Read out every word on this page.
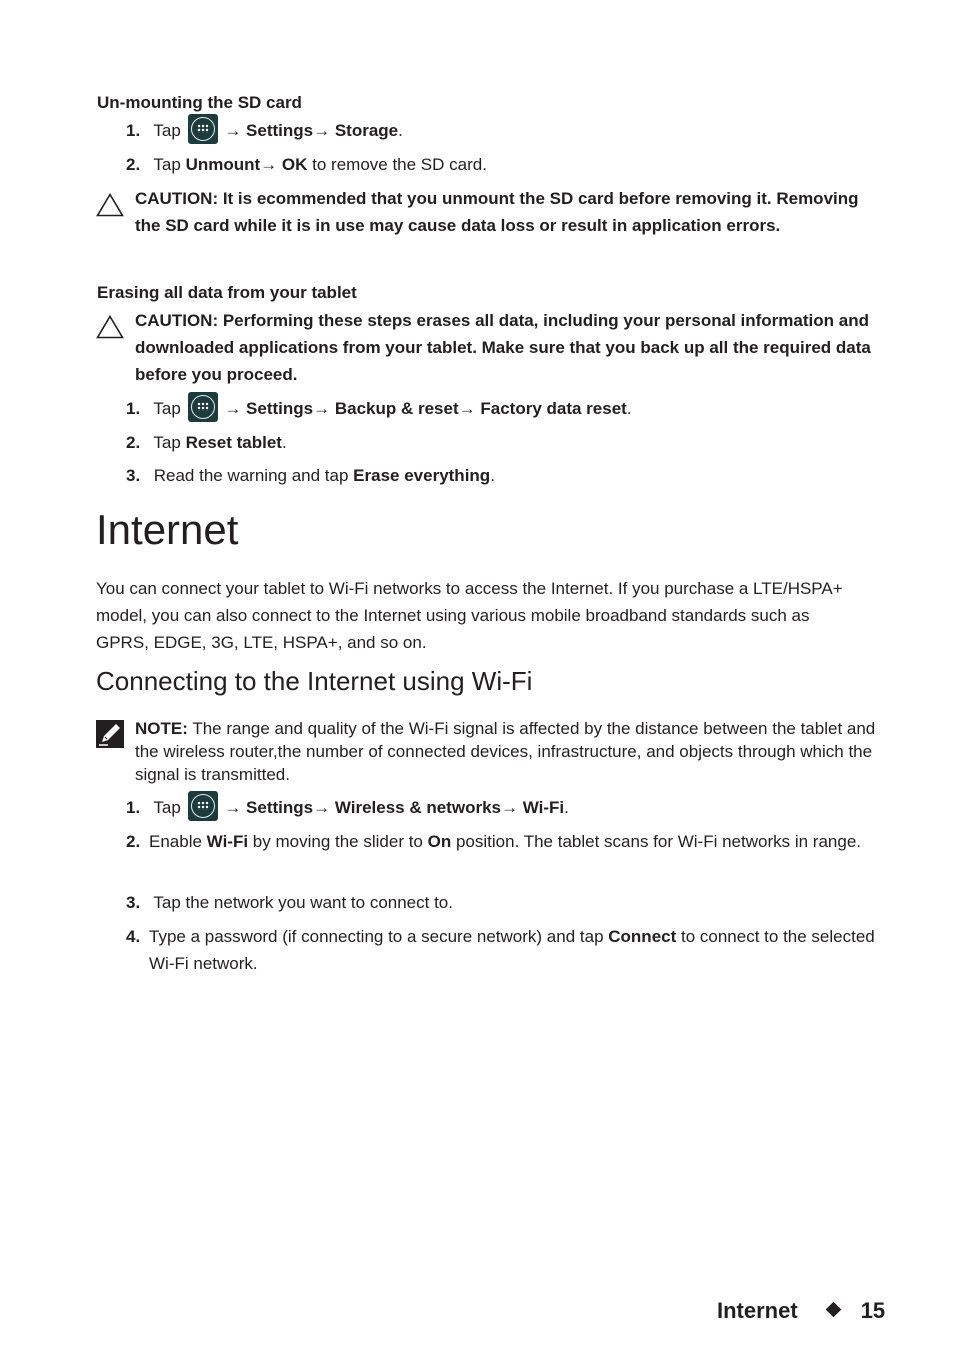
Un-mounting the SD card
1. Tap	→ Settings→ Storage.
2. Tap Unmount→ OK to remove the SD card.
CAUTION: It is ecommended that you unmount the SD card before removing it. Removing the SD card while it is in use may cause data loss or result in application errors.
Erasing all data from your tablet
CAUTION: Performing these steps erases all data, including your personal information and downloaded applications from your tablet. Make sure that you back up all the required data before you proceed.
1. Tap	→ Settings→ Backup & reset→ Factory data reset.
2. Tap Reset tablet.
3. Read the warning and tap Erase everything.
Internet
You can connect your tablet to Wi-Fi networks to access the Internet. If you purchase a LTE/HSPA+ model, you can also connect to the Internet using various mobile broadband standards such as GPRS, EDGE, 3G, LTE, HSPA+, and so on.
Connecting to the Internet using Wi-Fi
NOTE: The range and quality of the Wi-Fi signal is affected by the distance between the tablet and the wireless router,the number of connected devices, infrastructure, and objects through which the signal is transmitted.
1. Tap	→ Settings→ Wireless & networks→ Wi-Fi.
2. Enable Wi-Fi by moving the slider to On position. The tablet scans for Wi-Fi networks in range.
3. Tap the network you want to connect to.
4. Type a password (if connecting to a secure network) and tap Connect to connect to the selected Wi-Fi network.
Internet	15
